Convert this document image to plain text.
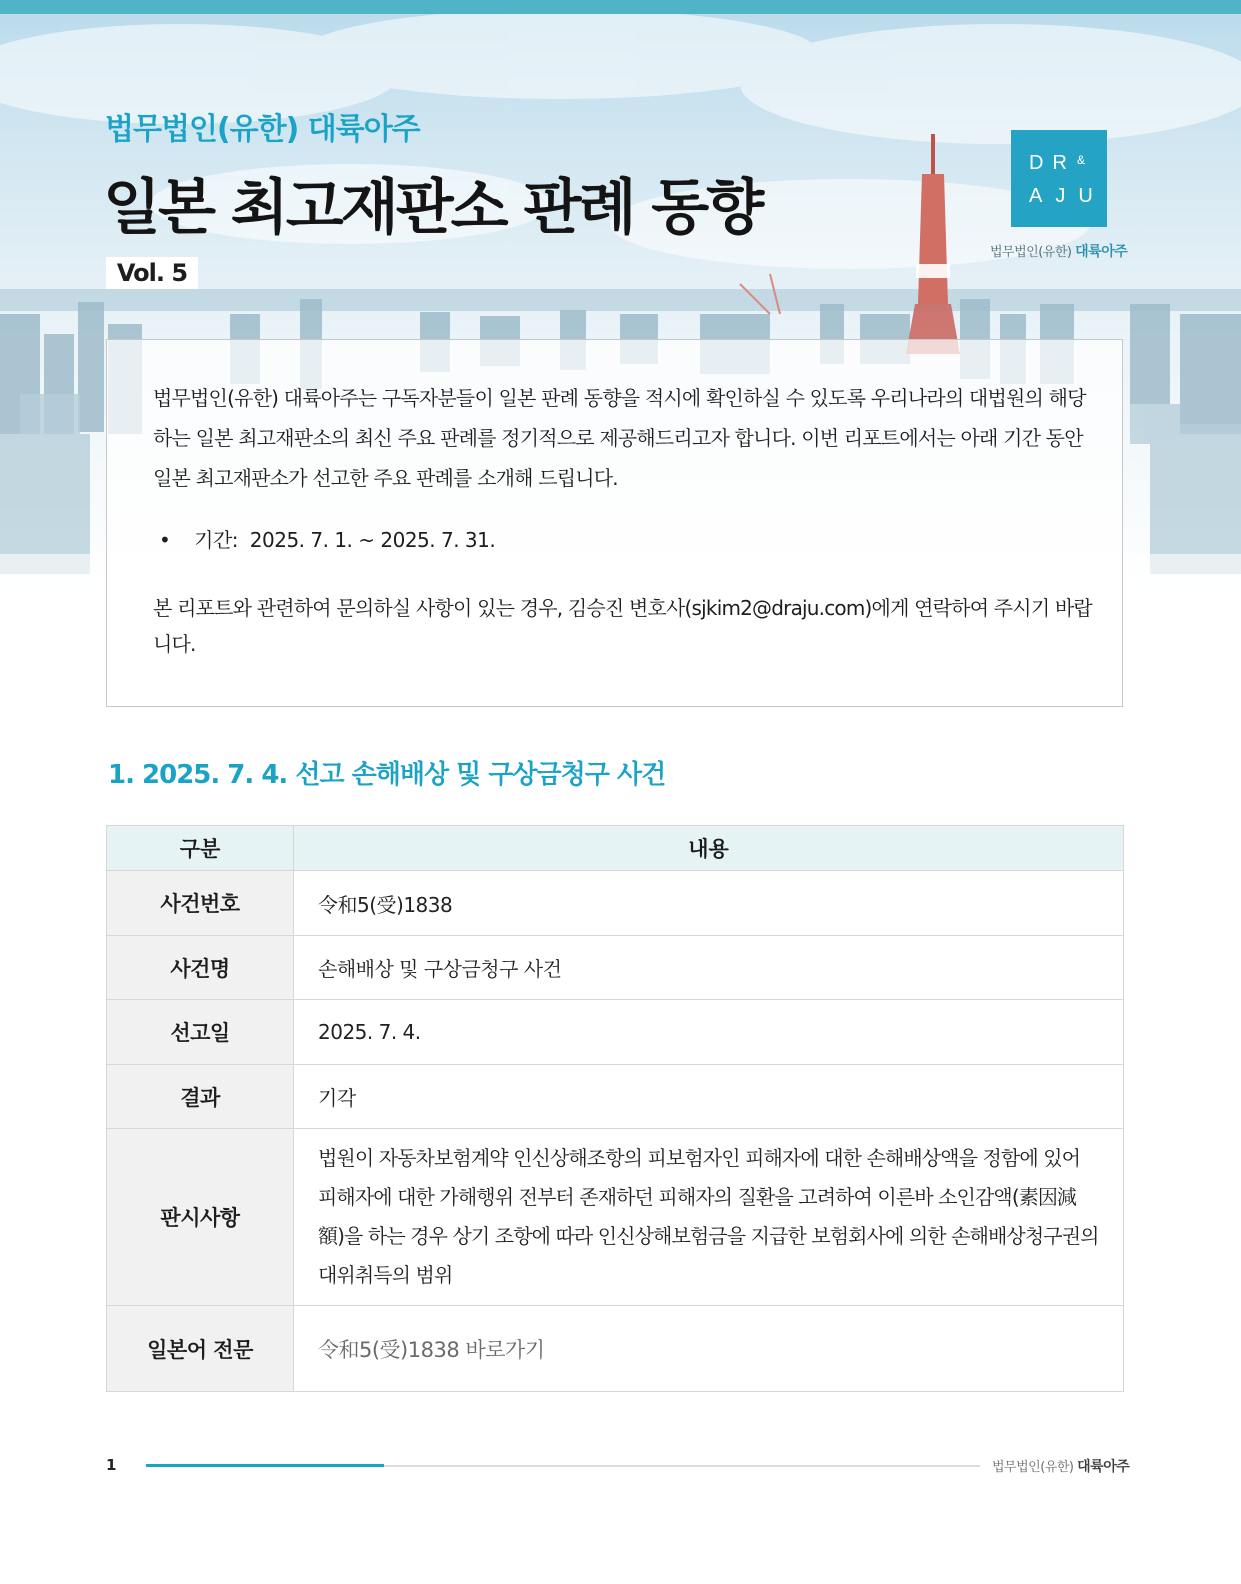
법무법인(유한) 대륙아주
일본 최고재판소 판례 동향
Vol. 5
DR &
AJU
법무법인(유한) 대륙아주
법무법인(유한) 대륙아주는 구독자분들이 일본 판례 동향을 적시에 확인하실 수 있도록 우리나라의 대법원의 해당하는 일본 최고재판소의 최신 주요 판례를 정기적으로 제공해드리고자 합니다. 이번 리포트에서는 아래 기간 동안 일본 최고재판소가 선고한 주요 판례를 소개해 드립니다.
• 기간: 2025. 7. 1. ~ 2025. 7. 31.
본 리포트와 관련하여 문의하실 사항이 있는 경우, 김승진 변호사(sjkim2@draju.com)에게 연락하여 주시기 바랍니다.
1. 2025. 7. 4. 선고 손해배상 및 구상금청구 사건
구분	내용
사건번호	令和5(受)1838
사건명	손해배상 및 구상금청구 사건
선고일	2025. 7. 4.
결과	기각
판시사항	법원이 자동차보험계약 인신상해조항의 피보험자인 피해자에 대한 손해배상액을 정함에 있어 피해자에 대한 가해행위 전부터 존재하던 피해자의 질환을 고려하여 이른바 소인감액(素因減額)을 하는 경우 상기 조항에 따라 인신상해보험금을 지급한 보험회사에 의한 손해배상청구권의 대위취득의 범위
일본어 전문	令和5(受)1838 바로가기
1	법무법인(유한) 대륙아주
